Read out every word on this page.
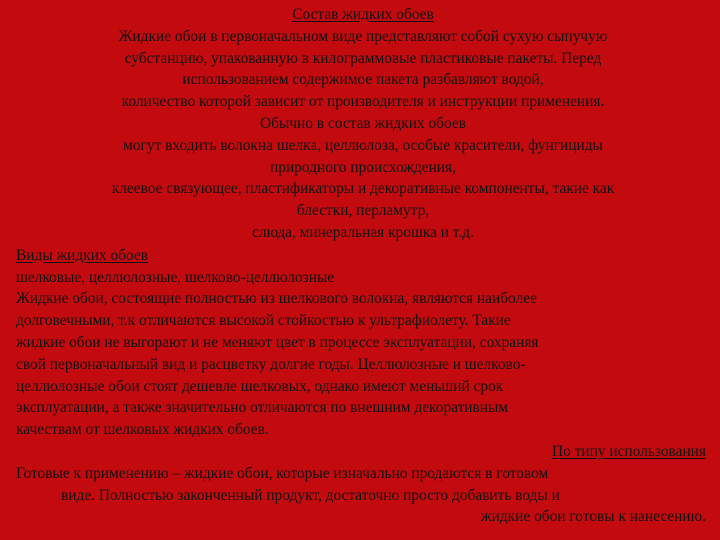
Состав жидких обоев
Жидкие обои в первоначальном виде представляют собой сухую сыпучую
субстанцию, упакованную в килограммовые пластиковые пакеты. Перед
использованием содержимое пакета разбавляют водой,
количество которой зависит от производителя и инструкции применения.
Обычно в состав жидких обоев
могут входить волокна шелка, целлюлоза, особые красители, фунгициды
природного происхождения,
клеевое связующее, пластификаторы и декоративные компоненты, такие как
блестки, перламутр,
слюда, минеральная крошка и т.д.
Виды жидких обоев
шелковые, целлюлозные, шелково-целлюлозные
Жидкие обои, состоящие полностью из шелкового волокна, являются наиболее
долговечными, т.к отличаются высокой стойкостью к ультрафиолету. Такие
жидкие обои не выгорают и не меняют цвет в процессе эксплуатации, сохраняя
свой первоначальный вид и расцветку долгие годы. Целлюлозные и шелково-
целлюлозные обои стоят дешевле шелковых, однако имеют меньший срок
эксплуатации, а также значительно отличаются по внешним декоративным
качествам от шелковых жидких обоев.
По типу использования
Готовые к применению – жидкие обои, которые изначально продаются в готовом
виде. Полностью законченный продукт, достаточно просто добавить воды и
жидкие обои готовы к нанесению.
